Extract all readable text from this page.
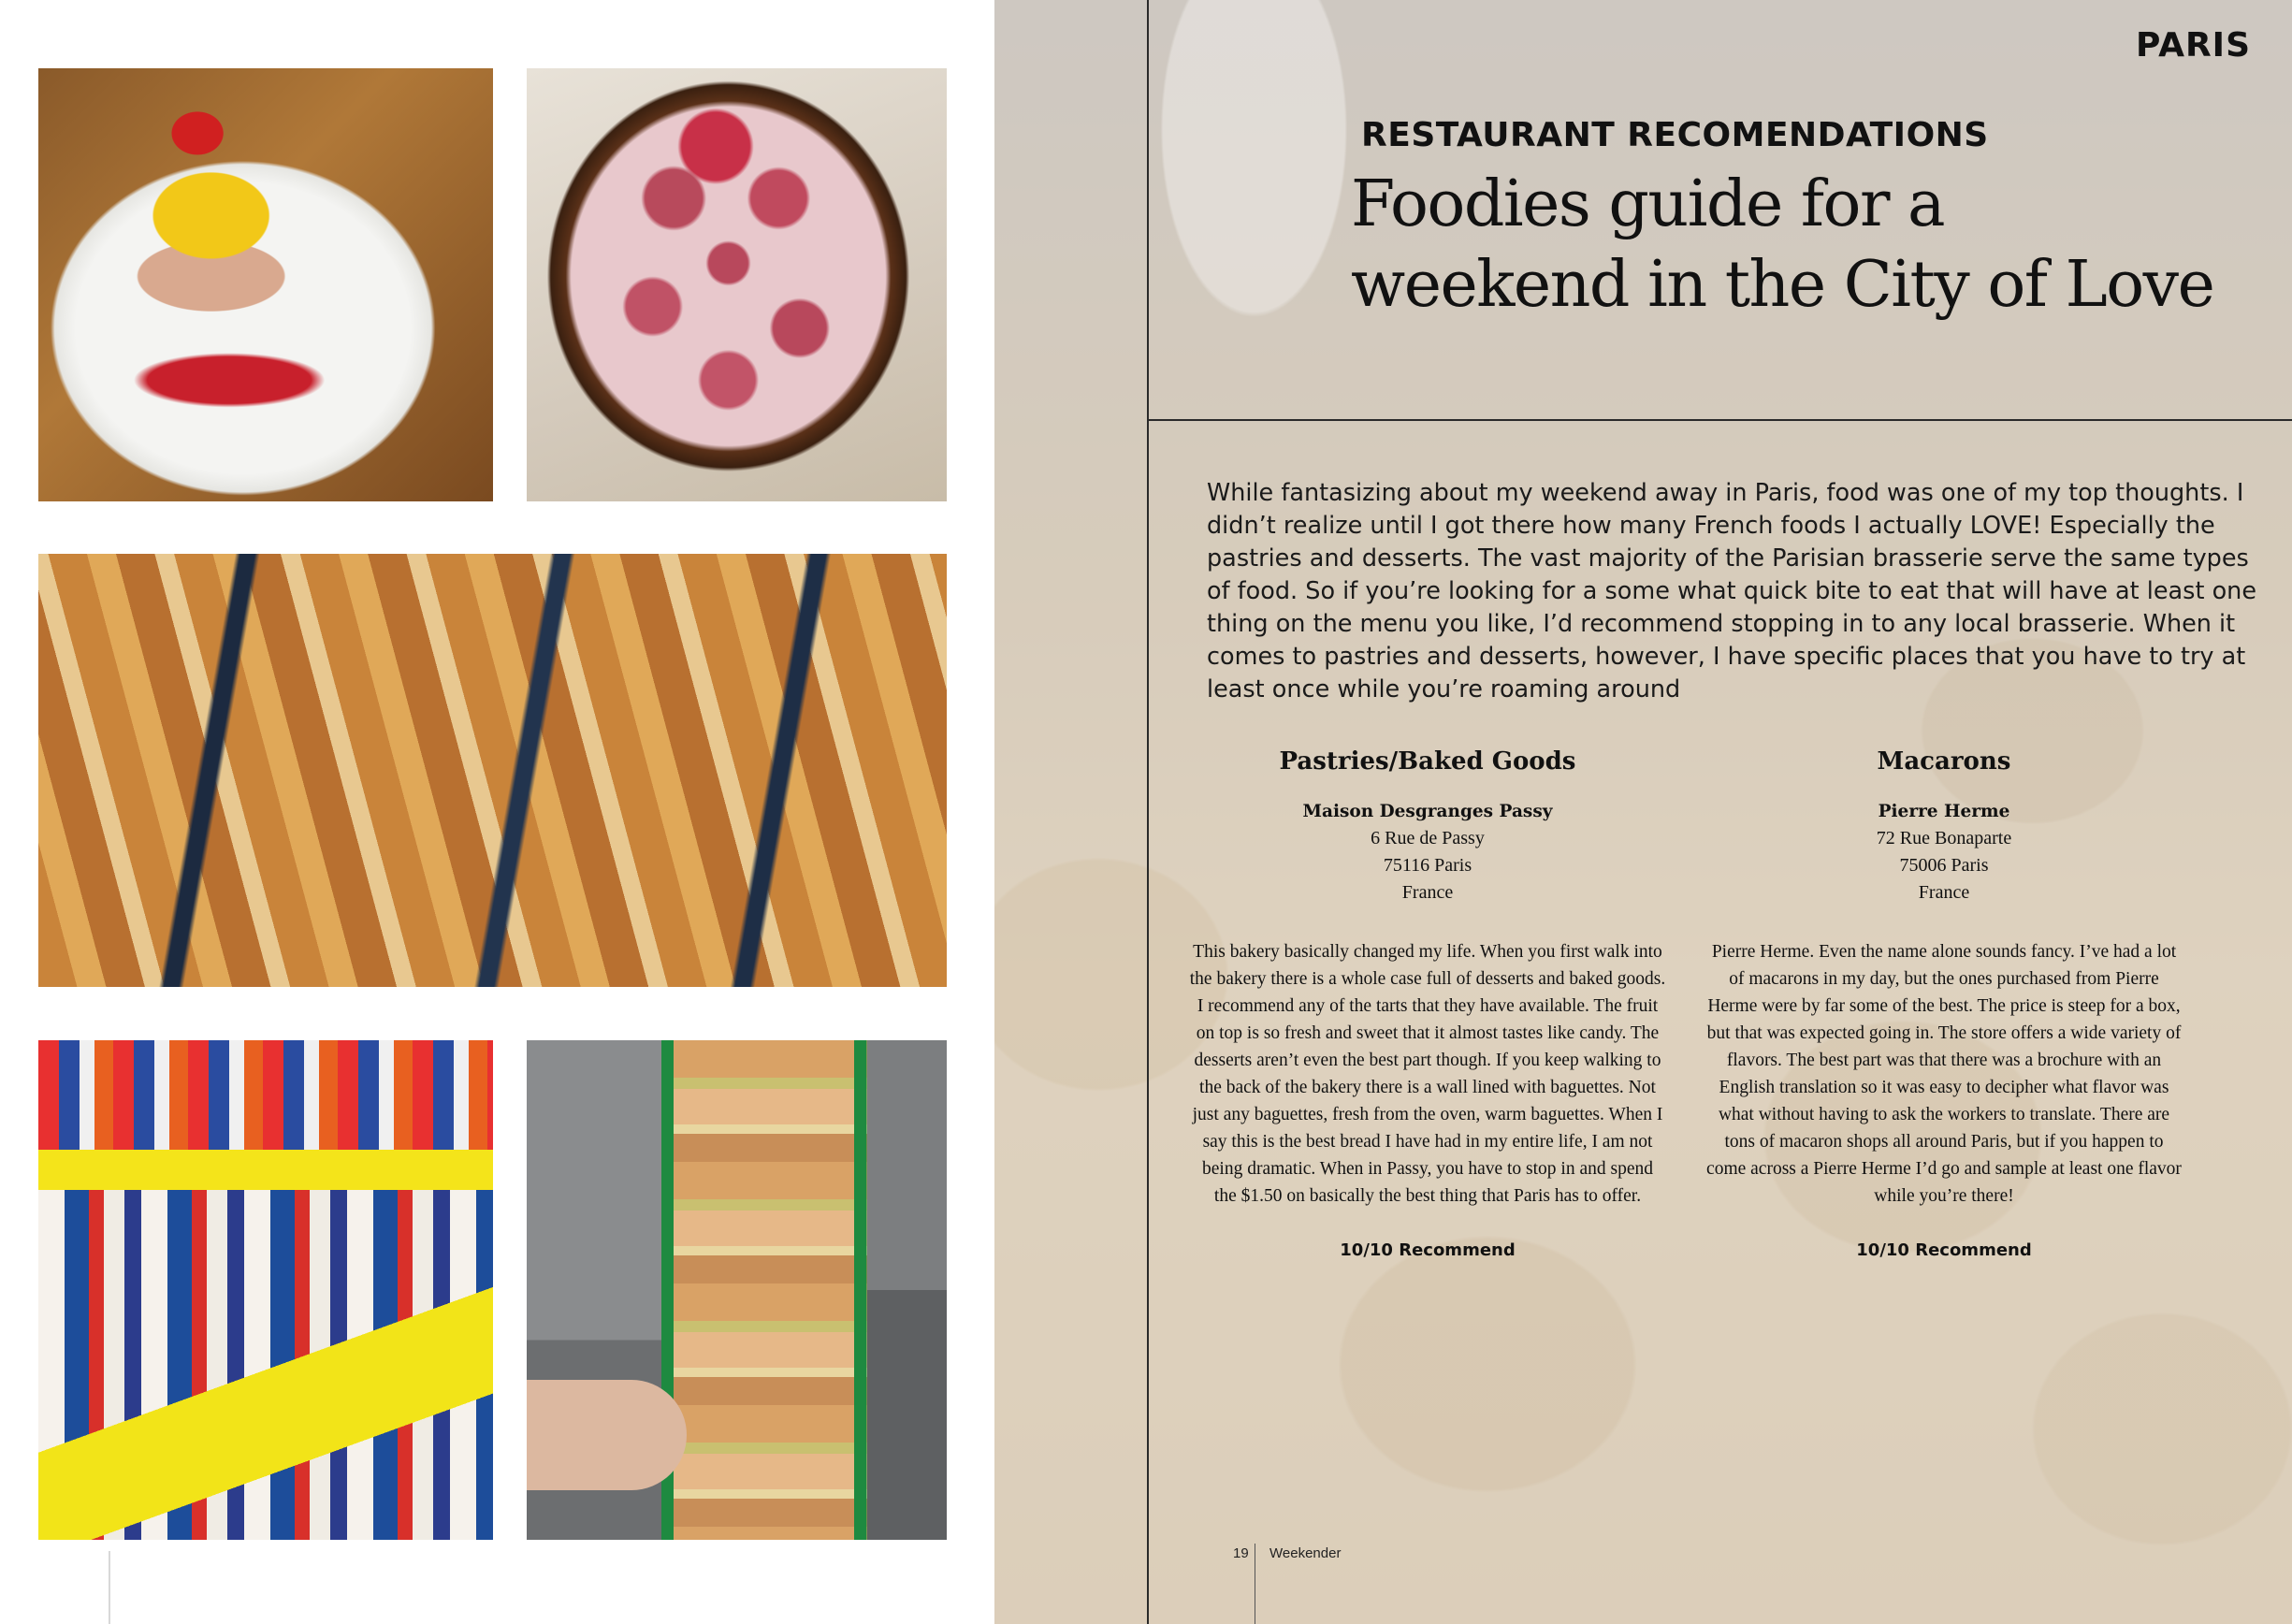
PARIS
RESTAURANT RECOMENDATIONS
Foodies guide for a
weekend in the City of Love
While fantasizing about my weekend away in Paris, food was one of my top thoughts. I didn’t realize until I got there how many French foods I actually LOVE! Especially the pastries and desserts. The vast majority of the Parisian brasserie serve the same types of food. So if you’re looking for a some what quick bite to eat that will have at least one thing on the menu you like, I’d recommend stopping in to any local brasserie. When it comes to pastries and desserts, however, I have specific places that you have to try at least once while you’re roaming around
Pastries/Baked Goods
Maison Desgranges Passy
6 Rue de Passy
75116 Paris
France
This bakery basically changed my life. When you first walk into the bakery there is a whole case full of desserts and baked goods. I recommend any of the tarts that they have available. The fruit on top is so fresh and sweet that it almost tastes like candy. The desserts aren’t even the best part though. If you keep walking to the back of the bakery there is a wall lined with baguettes. Not just any baguettes, fresh from the oven, warm baguettes. When I say this is the best bread I have had in my entire life, I am not being dramatic. When in Passy, you have to stop in and spend the $1.50 on basically the best thing that Paris has to offer.
10/10 Recommend
Macarons
Pierre Herme
72 Rue Bonaparte
75006 Paris
France
Pierre Herme. Even the name alone sounds fancy. I’ve had a lot of macarons in my day, but the ones purchased from Pierre Herme were by far some of the best. The price is steep for a box, but that was expected going in. The store offers a wide variety of flavors. The best part was that there was a brochure with an English translation so it was easy to decipher what flavor was what without having to ask the workers to translate. There are tons of macaron shops all around Paris, but if you happen to come across a Pierre Herme I’d go and sample at least one flavor while you’re there!
10/10 Recommend
19 Weekender
